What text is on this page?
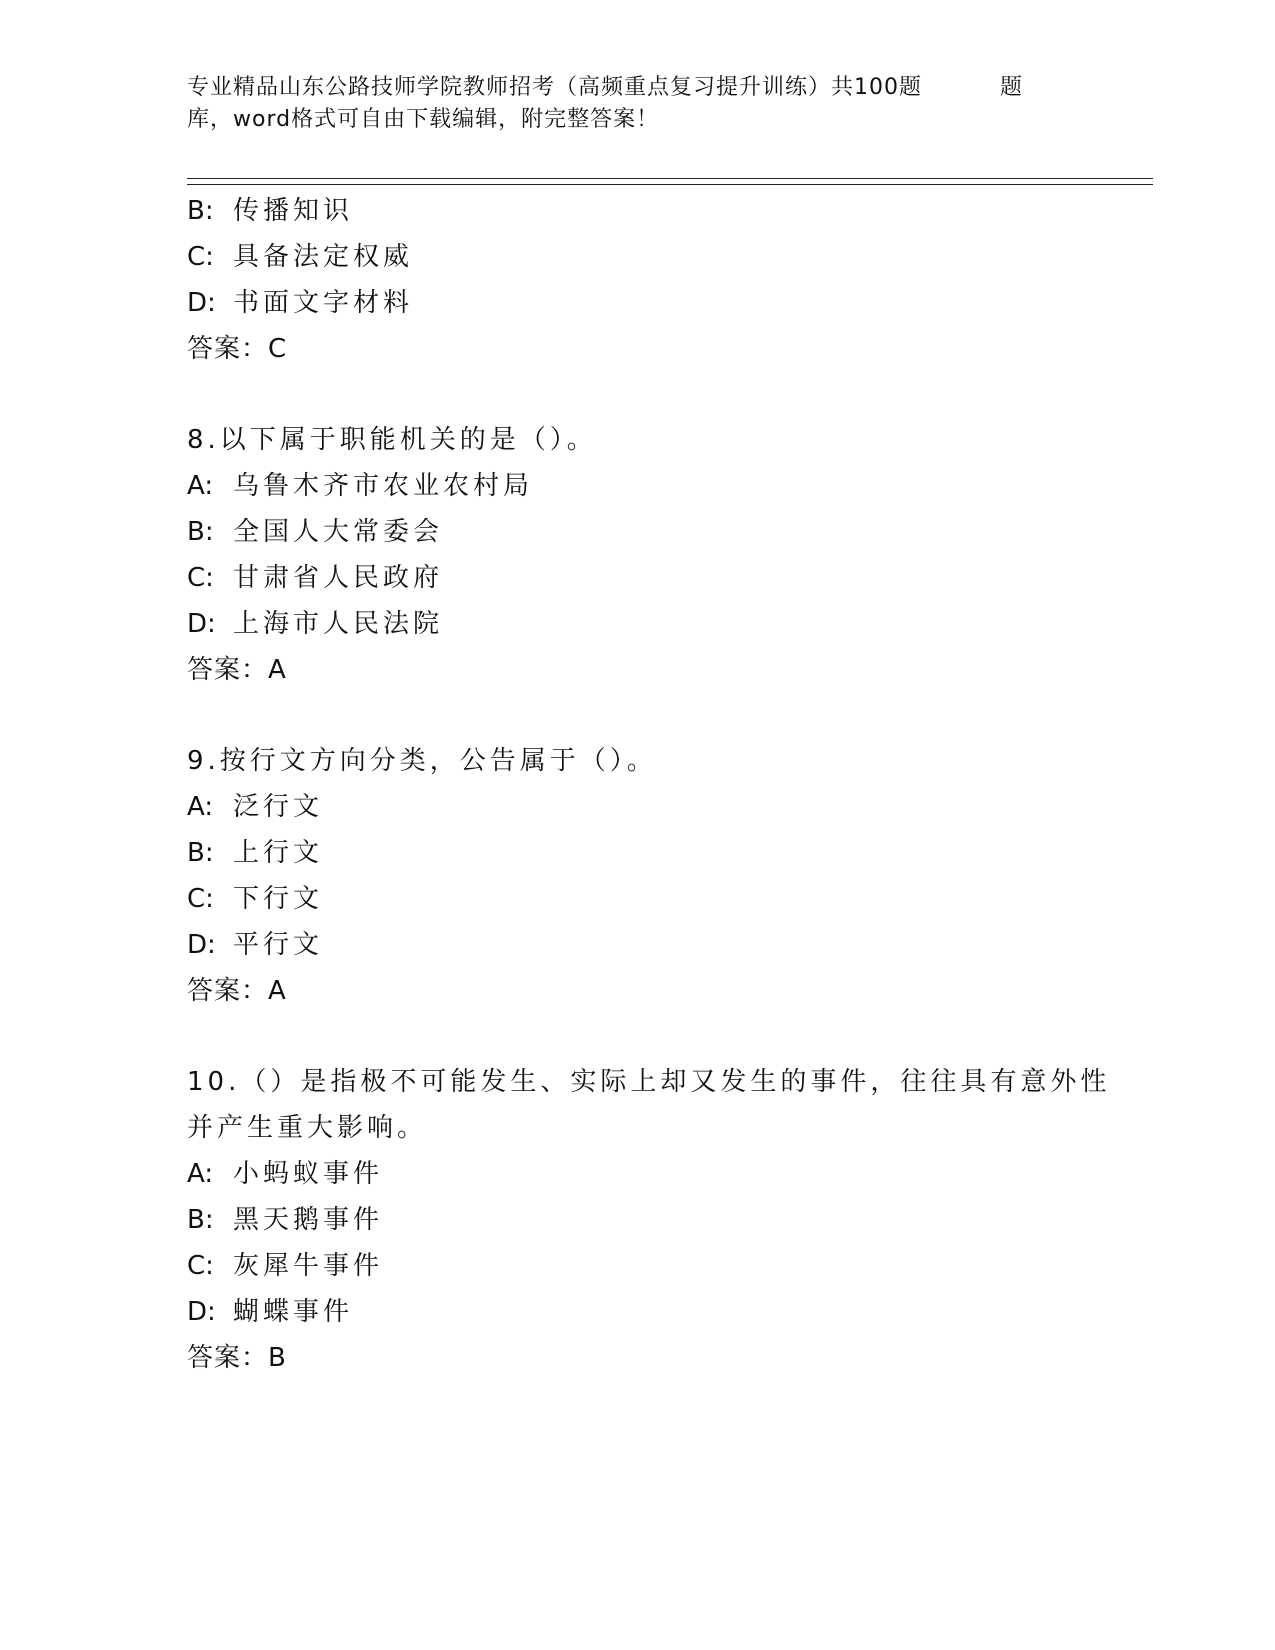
专业精品山东公路技师学院教师招考（高频重点复习提升训练）共100题	题
库，word格式可自由下载编辑，附完整答案！
B: 传播知识
C: 具备法定权威
D: 书面文字材料
答案：C
8.以下属于职能机关的是（）。
A: 乌鲁木齐市农业农村局
B: 全国人大常委会
C: 甘肃省人民政府
D: 上海市人民法院
答案：A
9.按行文方向分类，公告属于（）。
A: 泛行文
B: 上行文
C: 下行文
D: 平行文
答案：A
10.（）是指极不可能发生、实际上却又发生的事件，往往具有意外性
并产生重大影响。
A: 小蚂蚁事件
B: 黑天鹅事件
C: 灰犀牛事件
D: 蝴蝶事件
答案：B
